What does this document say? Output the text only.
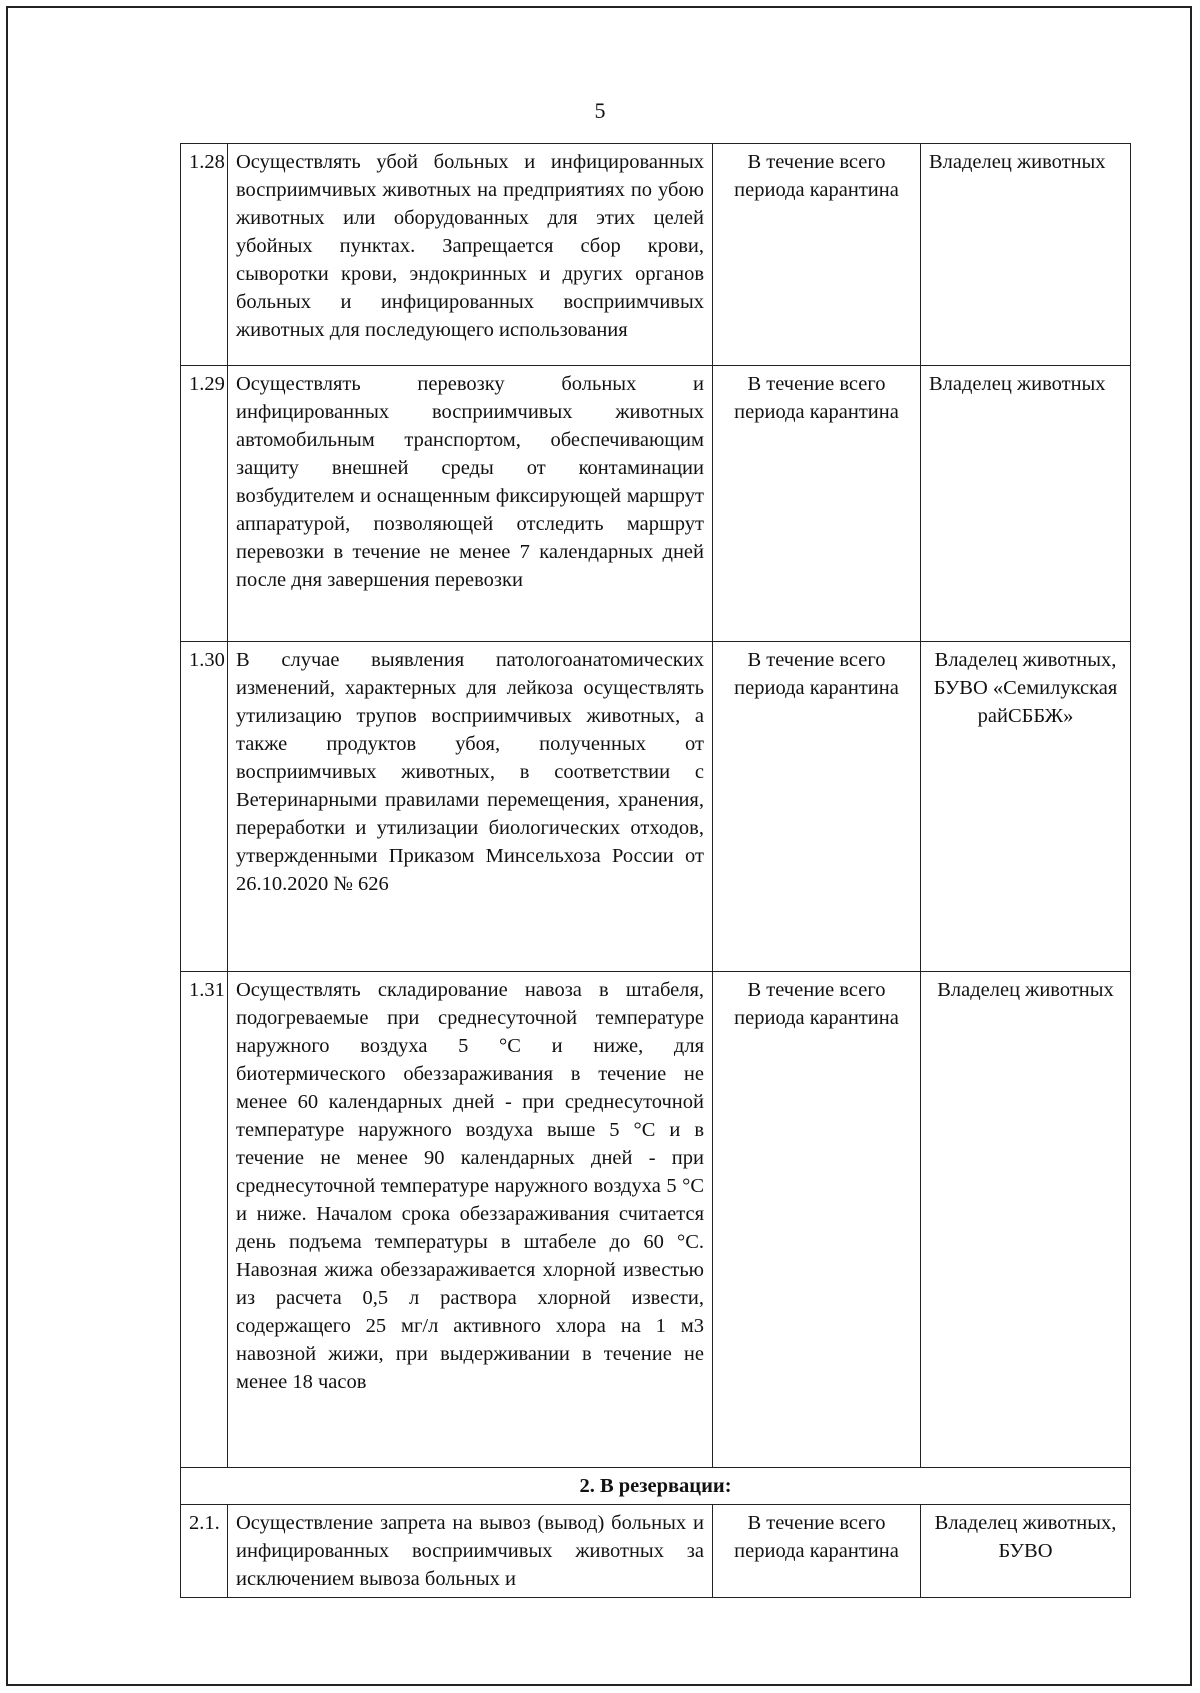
5
1.28	Осуществлять убой больных и инфицированных восприимчивых животных на предприятиях по убою животных или оборудованных для этих целей убойных пунктах. Запрещается сбор крови, сыворотки крови, эндокринных и других органов больных и инфицированных восприимчивых животных для последующего использования	В течение всего периода карантина	Владелец животных
1.29	Осуществлять перевозку больных и инфицированных восприимчивых животных автомобильным транспортом, обеспечивающим защиту внешней среды от контаминации возбудителем и оснащенным фиксирующей маршрут аппаратурой, позволяющей отследить маршрут перевозки в течение не менее 7 календарных дней после дня завершения перевозки	В течение всего периода карантина	Владелец животных
1.30	В случае выявления патологоанатомических изменений, характерных для лейкоза осуществлять утилизацию трупов восприимчивых животных, а также продуктов убоя, полученных от восприимчивых животных, в соответствии с Ветеринарными правилами перемещения, хранения, переработки и утилизации биологических отходов, утвержденными Приказом Минсельхоза России от 26.10.2020 № 626	В течение всего периода карантина	Владелец животных, БУВО «Семилукская райСББЖ»
1.31	Осуществлять складирование навоза в штабеля, подогреваемые при среднесуточной температуре наружного воздуха 5 °С и ниже, для биотермического обеззараживания в течение не менее 60 календарных дней - при среднесуточной температуре наружного воздуха выше 5 °С и в течение не менее 90 календарных дней - при среднесуточной температуре наружного воздуха 5 °С и ниже. Началом срока обеззараживания считается день подъема температуры в штабеле до 60 °С. Навозная жижа обеззараживается хлорной известью из расчета 0,5 л раствора хлорной извести, содержащего 25 мг/л активного хлора на 1 м3 навозной жижи, при выдерживании в течение не менее 18 часов	В течение всего периода карантина	Владелец животных
2. В резервации:			
2.1.	Осуществление запрета на вывоз (вывод) больных и инфицированных восприимчивых животных за исключением вывоза больных и	В течение всего периода карантина	Владелец животных, БУВО
